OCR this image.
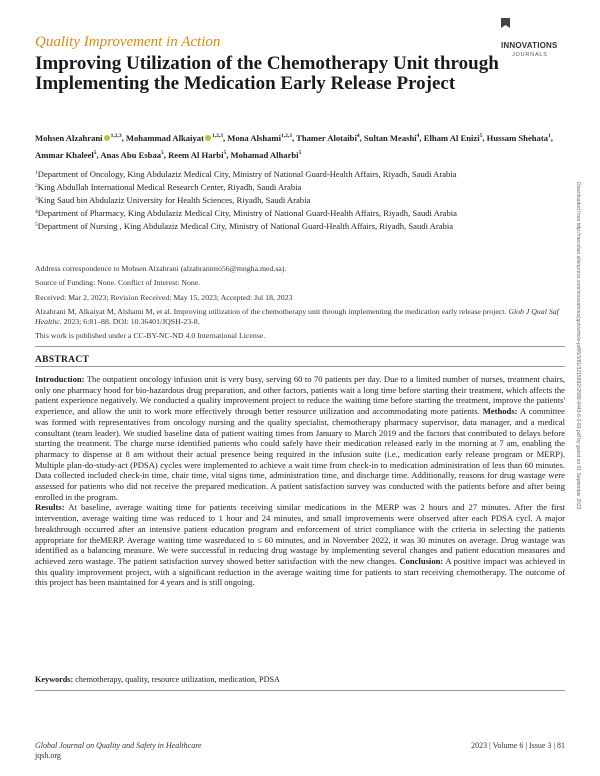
INNOVATIONS
JOURNALS
Quality Improvement in Action
Improving Utilization of the Chemotherapy Unit through Implementing the Medication Early Release Project
Mohsen Alzahrani $^{1,2,3}$, Mohammad Alkaiyat $^{1,2,3}$, Mona Alshami$^{1,2,3}$, Thamer Alotaibi$^4$, Sultan Meashi$^4$, Elham Al Enizi$^5$, Hussam Shehata$^1$, Ammar Khaleel$^5$, Anas Abu Esbaa$^5$, Reem Al Harbi$^5$, Mohamad Alharbi$^5$
$^1$Department of Oncology, King Abdulaziz Medical City, Ministry of National Guard-Health Affairs, Riyadh, Saudi Arabia
$^2$King Abdullah International Medical Research Center, Riyadh, Saudi Arabia
$^3$King Saud bin Abdulaziz University for Health Sciences, Riyadh, Saudi Arabia
$^4$Department of Pharmacy, King Abdulaziz Medical City, Ministry of National Guard-Health Affairs, Riyadh, Saudi Arabia
$^5$Department of Nursing , King Abdulaziz Medical City, Ministry of National Guard-Health Affairs, Riyadh, Saudi Arabia
Address correspondence to Mohsen Alzahrani (alzahranimo56@mngha.med.sa).
Source of Funding: None. Conflict of Interest: None.
Received: Mar 2, 2023; Revision Received: May 15, 2023; Accepted: Jul 18, 2023
Alzahrani M, Alkaiyat M, Alshami M, et al. Improving utilization of the chemotherapy unit through implementing the medication early release project. Glob J Qual Saf Healthc. 2023; 6:81–88. DOI: 10.36401/JQSH-23-8.
This work is published under a CC-BY-NC-ND 4.0 International License.
ABSTRACT
Introduction: The outpatient oncology infusion unit is very busy, serving 60 to 70 patients per day. Due to a limited number of nurses, treatment chairs, only one pharmacy hood for bio-hazardous drug preparation, and other factors, patients wait a long time before starting their treatment, which affects the patient experience negatively. We conducted a quality improvement project to reduce the waiting time before starting the treatment, improve the patients' experience, and allow the unit to work more effectively through better resource utilization and accommodating more patients. Methods: A committee was formed with representatives from oncology nursing and the quality specialist, chemotherapy pharmacy supervisor, data manager, and a medical consultant (team leader). We studied baseline data of patient waiting times from January to March 2019 and the factors that contributed to delays before starting the treatment. The charge nurse identified patients who could safely have their medication released early in the morning at 7 am, enabling the pharmacy to dispense at 8 am without their actual presence being required in the infusion suite (i.e., medication early release program or MERP). Multiple plan-do-study-act (PDSA) cycles were implemented to achieve a wait time from check-in to medication administration of less than 60 minutes. Data collected included check-in time, chair time, vital signs time, administration time, and discharge time. Additionally, reasons for drug wastage were assessed for patients who did not receive the prepared medication. A patient satisfaction survey was conducted with the patients before and after being enrolled in the program.
Results: At baseline, average waiting time for patients receiving similar medications in the MERP was 2 hours and 27 minutes. After the first intervention, average waiting time was reduced to 1 hour and 24 minutes, and small improvements were observed after each PDSA cycl. A major breakthrough occurred after an intensive patient education program and enforcement of strict compliance with the criteria in selecting the patients appropriate for theMERP. Average waiting time wasreduced to ≤ 60 minutes, and in November 2022, it was 30 minutes on average. Drug wastage was identified as a balancing measure. We were successful in reducing drug wastage by implementing several changes and patient education measures and achieved zero wastage. The patient satisfaction survey showed better satisfaction with the new changes. Conclusion: A positive impact was achieved in this quality improvement project, with a significant reduction in the average waiting time for patients to start receiving chemotherapy. The outcome of this project has been maintained for 4 years and is still ongoing.
Keywords: chemotherapy, quality, resource utilization, medication, PDSA
Global Journal on Quality and Safety in Healthcare
jqsh.org
2023 | Volume 6 | Issue 3 | 81
Downloaded from http://meridian.allenpress.com/innovations/jqsh/article-pdf/6/3/81/3215892/i2589-9449-6-3-81.pdf by guest on 01 September 2023
